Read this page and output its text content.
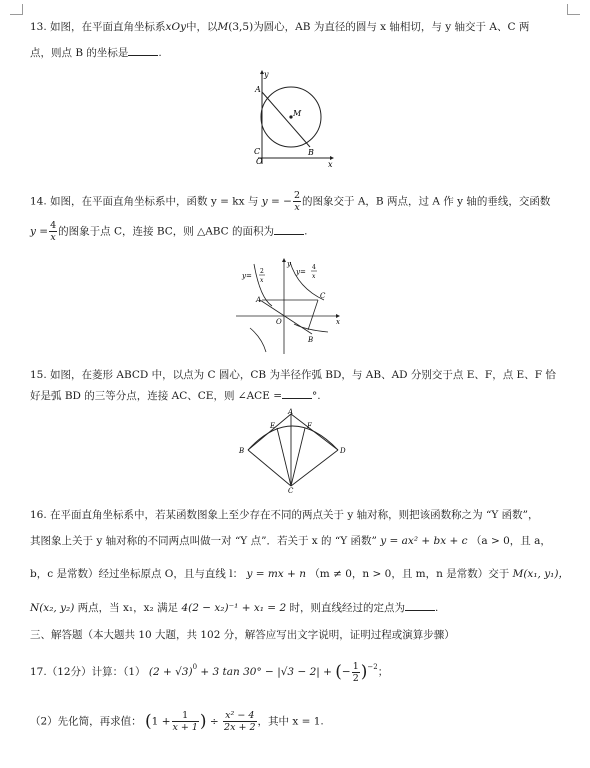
13. 如图，在平面直角坐标系xOy中，以M(3,5)为圆心，AB 为直径的圆与 x 轴相切，与 y 轴交于 A、C 两
点，则点 B 的坐标是	.
y
A
M
C
O
B
x
14. 如图，在平面直角坐标系中，函数 y = kx 与 y = − $\frac{2}{x}$ 的图象交于 A，B 两点，过 A 作 y 轴的垂线，交函数
$y = \frac{4}{x}$ 的图象于点 C，连接 BC，则 △ABC 的面积为	.
y=
2
x
y=
4
x
y
A	C
O	x
B
15. 如图，在菱形 ABCD 中，以点为 C 圆心，CB 为半径作弧 BD，与 AB、AD 分别交于点 E、F，点 E、F 恰
好是弧 BD 的三等分点，连接 AC、CE，则 ∠ACE =	°.
A
E	F
B	D
C
16. 在平面直角坐标系中，若某函数图象上至少存在不同的两点关于 y 轴对称，则把该函数称之为 “Y 函数”，
其图象上关于 y 轴对称的不同两点叫做一对 “Y 点”．若关于 x 的 “Y 函数” y = ax² + bx + c （a > 0，且 a，
b，c 是常数）经过坐标原点 O，且与直线 l： y = mx + n （m ≠ 0，n > 0，且 m，n 是常数）交于 M(x₁, y₁)，
N(x₂, y₂) 两点，当 x₁，x₂ 满足 4(2 − x₂)⁻¹ + x₁ = 2 时，则直线经过的定点为	.
三、解答题（本大题共 10 大题，共 102 分，解答应写出文字说明，证明过程或演算步骤）
17.（12分）计算：（1） $(2 + √3)^0 + 3$ tan 30° − |√3 − 2| + (− $\frac{1}{2} )^{-2}$；
（2）先化简，再求值： ($1 + \frac{1}{x + 1}$ ) ÷ $\frac{\text{x² − 4}}{2x + 2}$ ，其中 x = 1.
